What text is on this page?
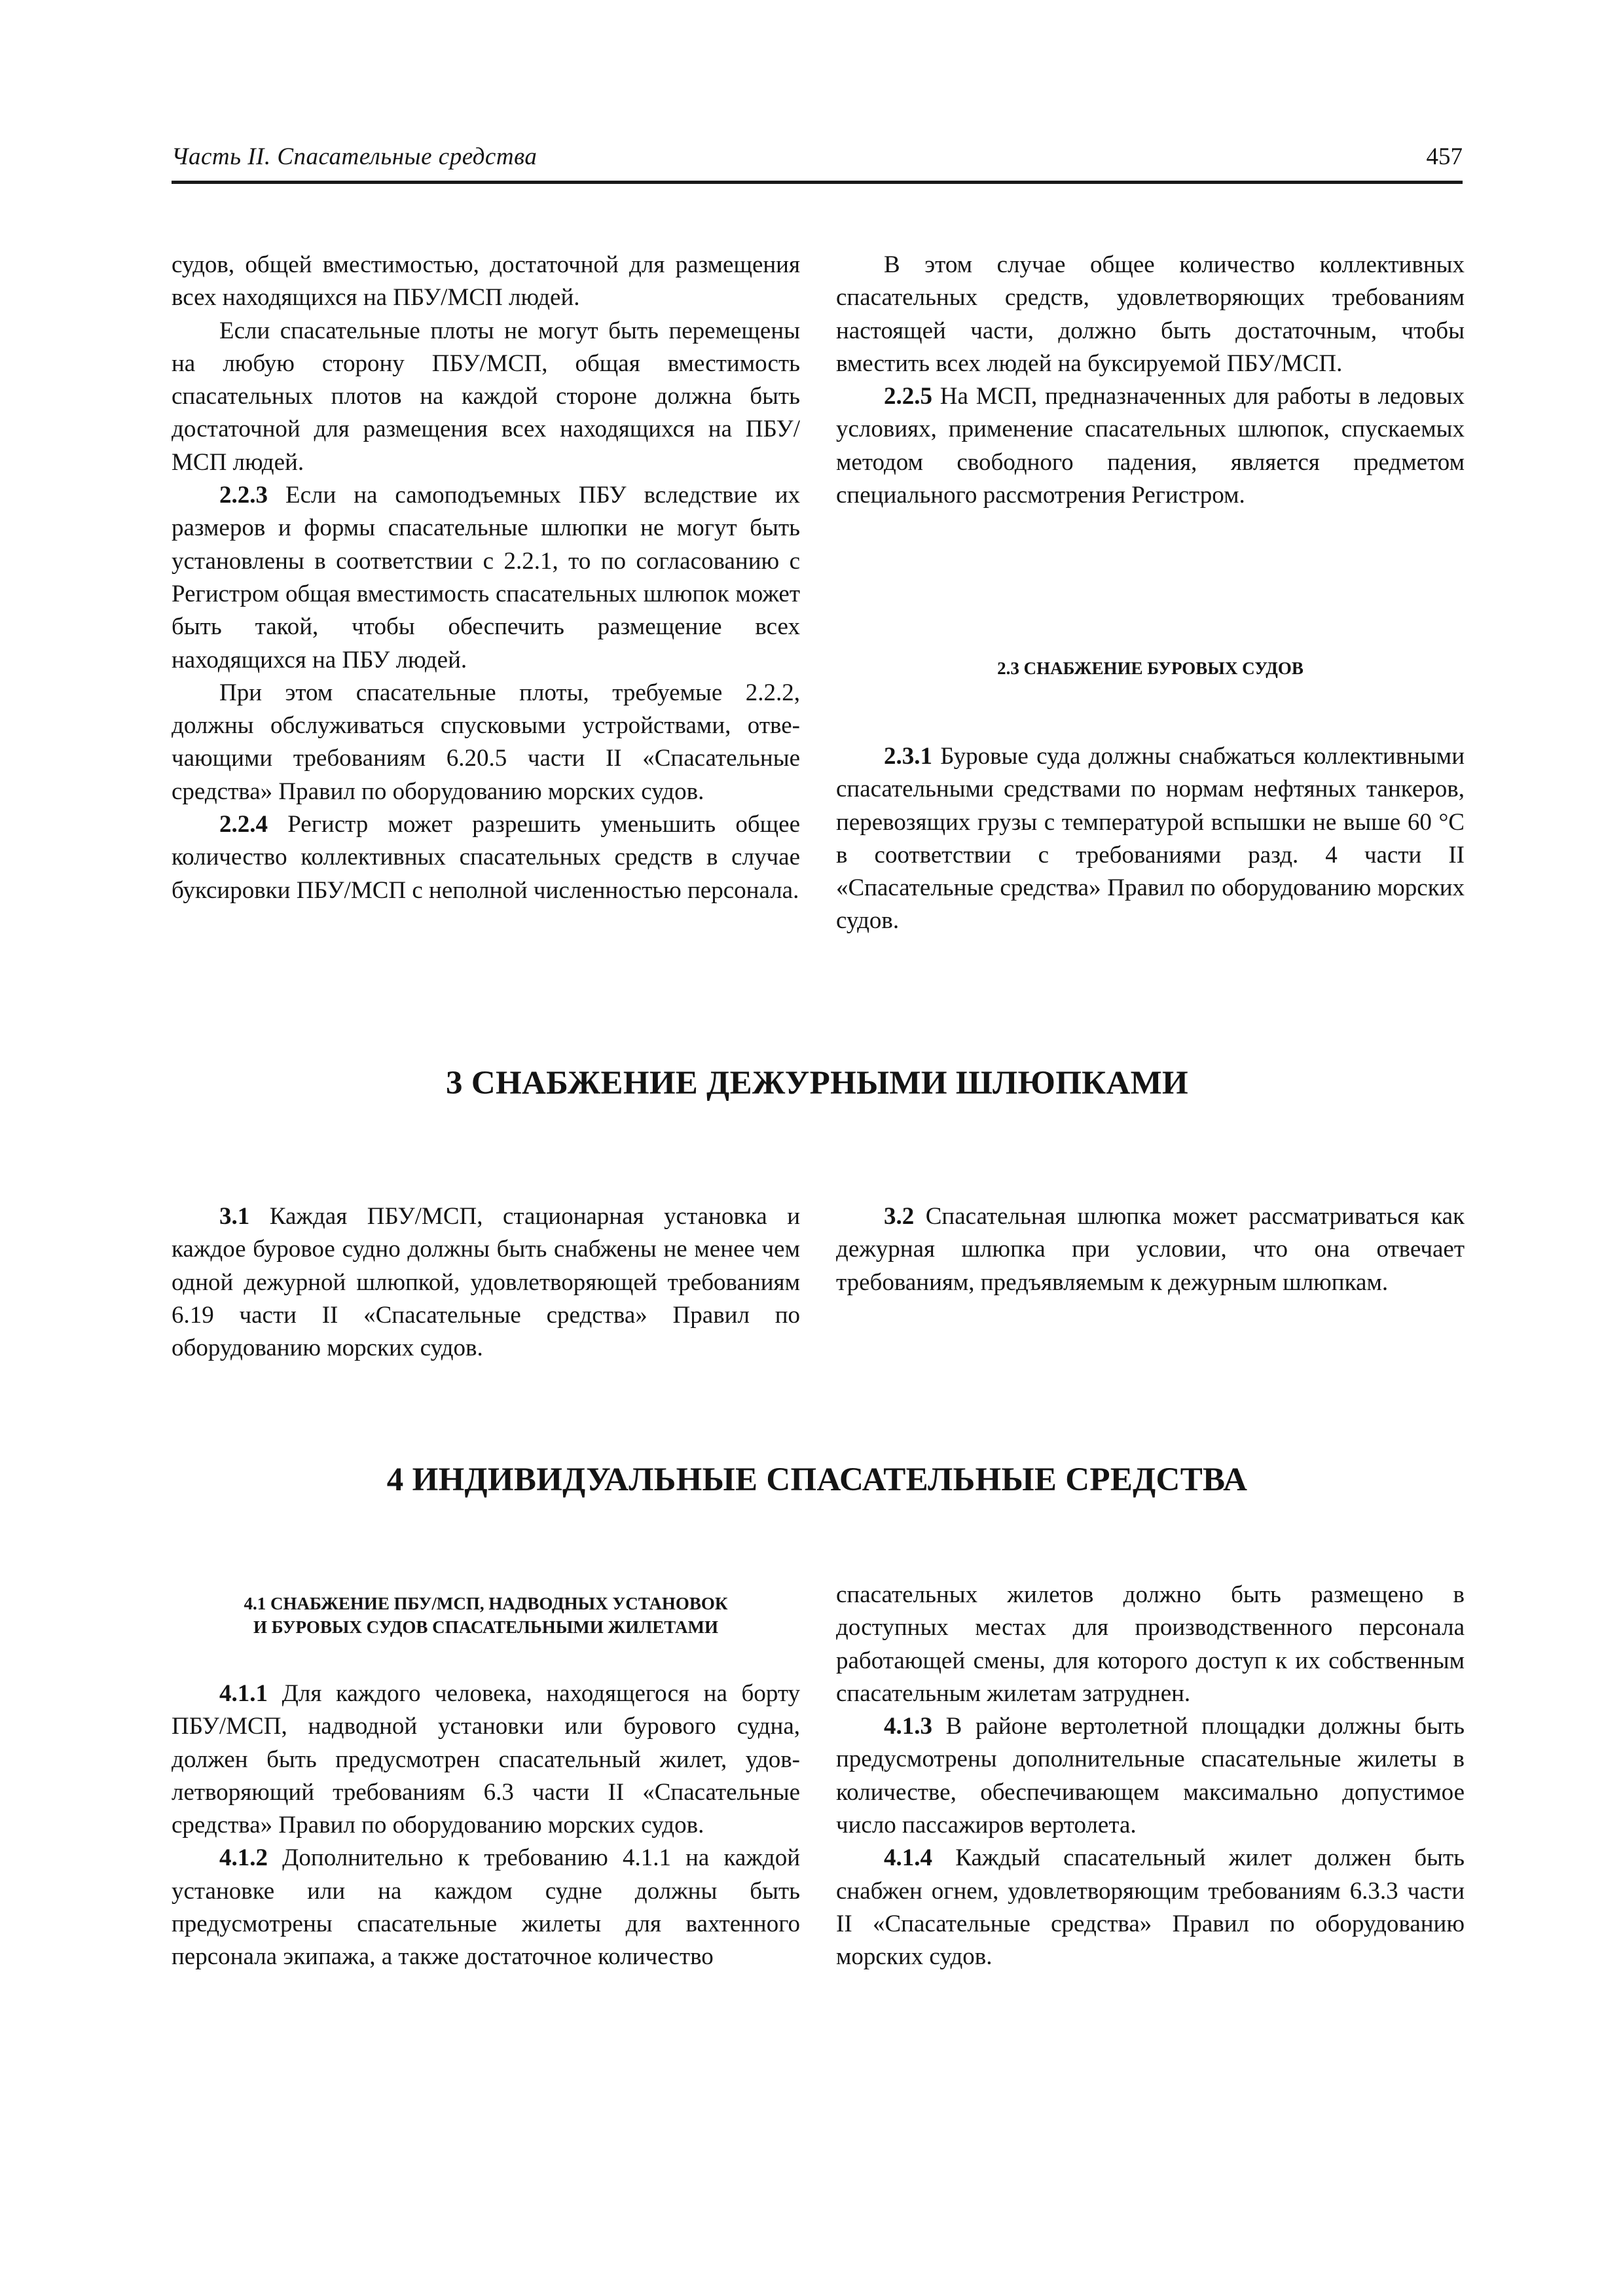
Часть II. Спасательные средства	457

судов, общей вместимостью, достаточной для размещения всех находящихся на ПБУ/МСП людей.

Если спасательные плоты не могут быть перемещены на любую сторону ПБУ/МСП, общая вместимость спасательных плотов на каждой стороне должна быть достаточной для размещения всех находящихся на ПБУ/МСП людей.

2.2.3 Если на самоподъемных ПБУ вследствие их размеров и формы спасательные шлюпки не могут быть установлены в соответствии с 2.2.1, то по согласованию с Регистром общая вместимость спасательных шлюпок может быть такой, чтобы обеспечить размещение всех находящихся на ПБУ людей.

При этом спасательные плоты, требуемые 2.2.2, должны обслуживаться спусковыми устройствами, отвечающими требованиям 6.20.5 части II «Спасательные средства» Правил по оборудованию морских судов.

2.2.4 Регистр может разрешить уменьшить общее количество коллективных спасательных средств в случае буксировки ПБУ/МСП с неполной численностью персонала.

В этом случае общее количество коллективных спасательных средств, удовлетворяющих требованиям настоящей части, должно быть достаточным, чтобы вместить всех людей на буксируемой ПБУ/МСП.

2.2.5 На МСП, предназначенных для работы в ледовых условиях, применение спасательных шлюпок, спускаемых методом свободного падения, является предметом специального рассмотрения Регистром.

2.3 СНАБЖЕНИЕ БУРОВЫХ СУДОВ

2.3.1 Буровые суда должны снабжаться коллективными спасательными средствами по нормам нефтяных танкеров, перевозящих грузы с температурой вспышки не выше 60 °C в соответствии с требованиями разд. 4 части II «Спасательные средства» Правил по оборудованию морских судов.

3 СНАБЖЕНИЕ ДЕЖУРНЫМИ ШЛЮПКАМИ

3.1 Каждая ПБУ/МСП, стационарная установка и каждое буровое судно должны быть снабжены не менее чем одной дежурной шлюпкой, удовлетворяющей требованиям 6.19 части II «Спасательные средства» Правил по оборудованию морских судов.

3.2 Спасательная шлюпка может рассматриваться как дежурная шлюпка при условии, что она отвечает требованиям, предъявляемым к дежурным шлюпкам.

4 ИНДИВИДУАЛЬНЫЕ СПАСАТЕЛЬНЫЕ СРЕДСТВА
4.1 СНАБЖЕНИЕ ПБУ/МСП, НАДВОДНЫХ УСТАНОВОК
И БУРОВЫХ СУДОВ СПАСАТЕЛЬНЫМИ ЖИЛЕТАМИ

4.1.1 Для каждого человека, находящегося на борту ПБУ/МСП, надводной установки или бурового судна, должен быть предусмотрен спасательный жилет, удовлетворяющий требованиям 6.3 части II «Спасательные средства» Правил по оборудованию морских судов.

4.1.2 Дополнительно к требованию 4.1.1 на каждой установке или на каждом судне должны быть предусмотрены спасательные жилеты для вахтенного персонала экипажа, а также достаточное количество

спасательных жилетов должно быть размещено в доступных местах для производственного персонала работающей смены, для которого доступ к их собственным спасательным жилетам затруднен.

4.1.3 В районе вертолетной площадки должны быть предусмотрены дополнительные спасательные жилеты в количестве, обеспечивающем максимально допустимое число пассажиров вертолета.

4.1.4 Каждый спасательный жилет должен быть снабжен огнем, удовлетворяющим требованиям 6.3.3 части II «Спасательные средства» Правил по оборудованию морских судов.
